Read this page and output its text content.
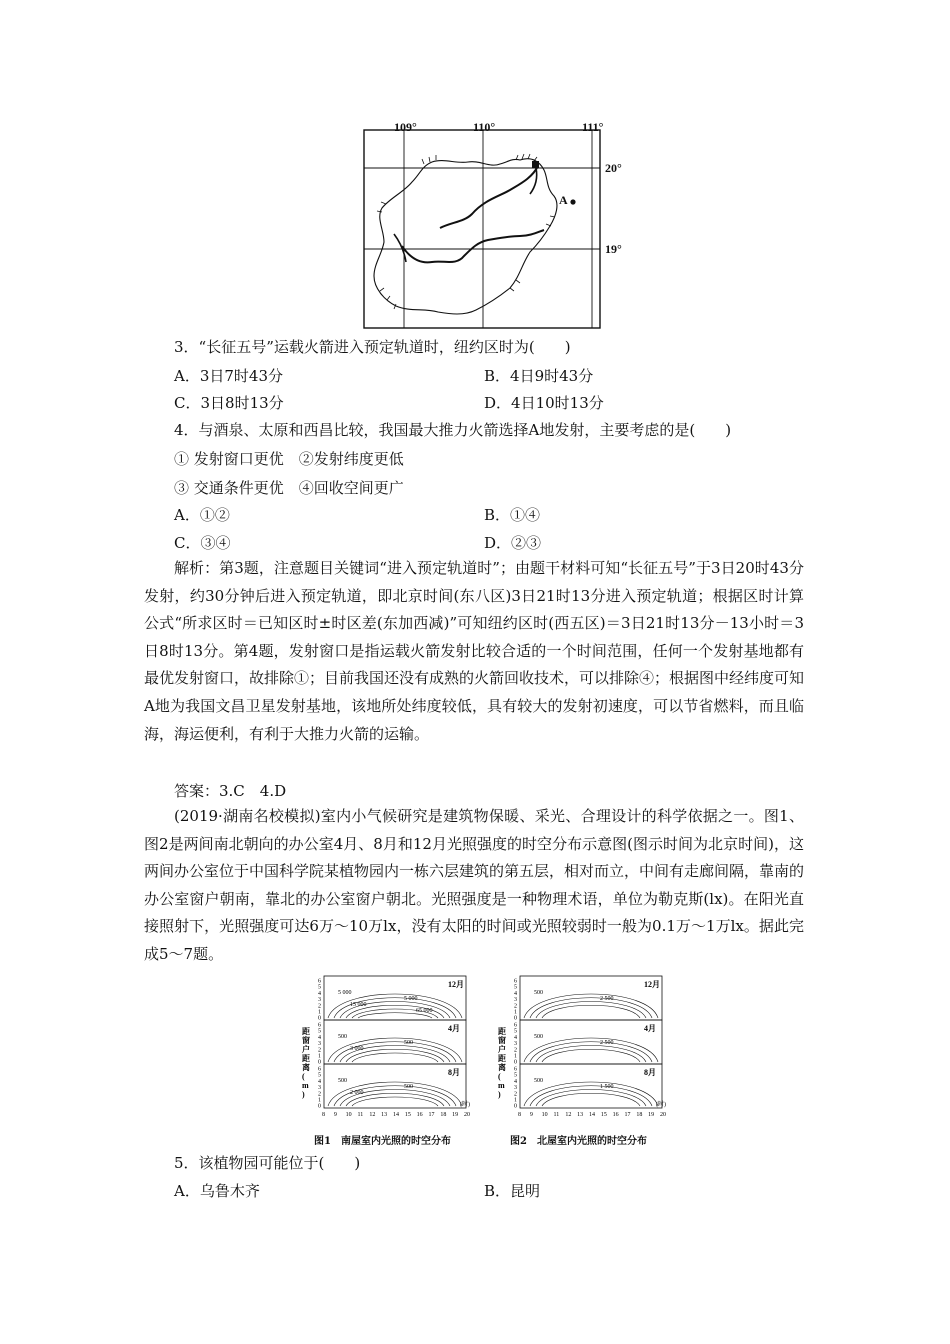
109°	110°	111°
20°
19°
A
3．“长征五号”运载火箭进入预定轨道时，纽约区时为(　　)
A．3日7时43分	B．4日9时43分
C．3日8时13分	D．4日10时13分
4．与酒泉、太原和西昌比较，我国最大推力火箭选择A地发射，主要考虑的是(　　)
① 发射窗口更优　②发射纬度更低
③ 交通条件更优　④回收空间更广
A．①②	B．①④
C．③④	D．②③
解析：第3题，注意题目关键词“进入预定轨道时”；由题干材料可知“长征五号”于3日20时43分发射，约30分钟后进入预定轨道，即北京时间(东八区)3日21时13分进入预定轨道；根据区时计算公式“所求区时＝已知区时±时区差(东加西减)”可知纽约区时(西五区)＝3日21时13分－13小时＝3日8时13分。第4题，发射窗口是指运载火箭发射比较合适的一个时间范围，任何一个发射基地都有最优发射窗口，故排除①；目前我国还没有成熟的火箭回收技术，可以排除④；根据图中经纬度可知A地为我国文昌卫星发射基地，该地所处纬度较低，具有较大的发射初速度，可以节省燃料，而且临海，海运便利，有利于大推力火箭的运输。
答案：3.C　4.D
(2019·湖南名校模拟)室内小气候研究是建筑物保暖、采光、合理设计的科学依据之一。图1、图2是两间南北朝向的办公室4月、8月和12月光照强度的时空分布示意图(图示时间为北京时间)，这两间办公室位于中国科学院某植物园内一栋六层建筑的第五层，相对而立，中间有走廊间隔，靠南的办公室窗户朝南，靠北的办公室窗户朝北。光照强度是一种物理术语，单位为勒克斯(lx)。在阳光直接照射下，光照强度可达6万～10万lx，没有太阳的时间或光照较弱时一般为0.1万～1万lx。据此完成5～7题。
距
窗
户
距
离
(
m
)
12月
6
5
4
3
2
1
0
5 000
5 000
15 000
65 000
4月
6
5
4
3
2
1
0
500
500
3 000
8月
6
5
4
3
2
1
0
500
500
2 000
8 9 10 11 12 13 14 15 16 17 18 19 20
(时)
图1　南屋室内光照的时空分布
距
窗
户
距
离
(
m
)
12月
6
5
4
3
2
1
0
500
2 500
4月
6
5
4
3
2
1
0
500
2 500
8月
6
5
4
3
2
1
0
500
1 500
8 9 10 11 12 13 14 15 16 17 18 19 20
(时)
图2　北屋室内光照的时空分布
5．该植物园可能位于(　　)
A．乌鲁木齐	B．昆明
